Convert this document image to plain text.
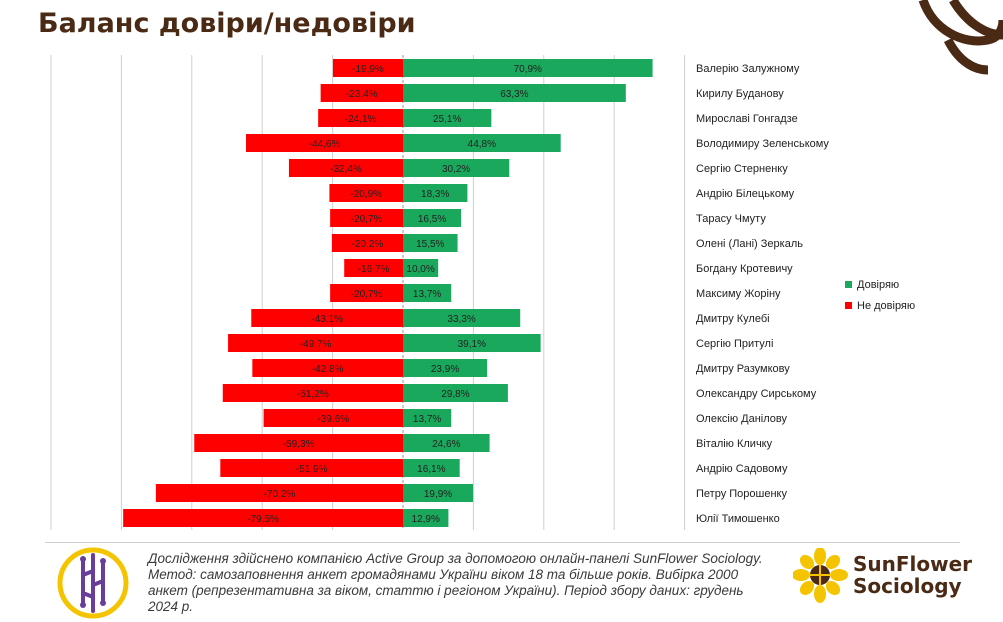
Баланс довіри/недовіри
-19,9%	70,9%	Валерію Залужному
-23,4%	63,3%	Кирилу Буданову
-24,1%	25,1%	Мирославі Гонгадзе
-44,6%	44,8%	Володимиру Зеленському
-32,4%	30,2%	Сергію Стерненку
-20,9%	18,3%	Андрію Білецькому
-20,7%	16,5%	Тарасу Чмуту
-20,2%	15,5%	Олені (Лані) Зеркаль
-16,7% 10,0%	Богдану Кротевичу
-20,7%	13,7%	Максиму Жоріну
-43,1%	33,3%	Дмитру Кулебі
-49,7%	39,1%	Сергію Притулі
-42,8%	23,9%	Дмитру Разумкову
-51,2%	29,8%	Олександру Сирському
-39,6%	13,7%	Олексію Данілову
-59,3%	24,6%	Віталію Кличку
-51,9%	16,1%	Андрію Садовому
-70,2%	19,9%	Петру Порошенку
-79,5%	12,9%	Юлії Тимошенко
Довіряю
Не довіряю
Дослідження здійснено компанією Active Group за допомогою онлайн-панелі SunFlower Sociology. Метод: самозаповнення анкет громадянами України віком 18 та більше років. Вибірка 2000 анкет (репрезентативна за віком, статтю і регіоном України). Період збору даних: грудень 2024 р.
SunFlower
Sociology
